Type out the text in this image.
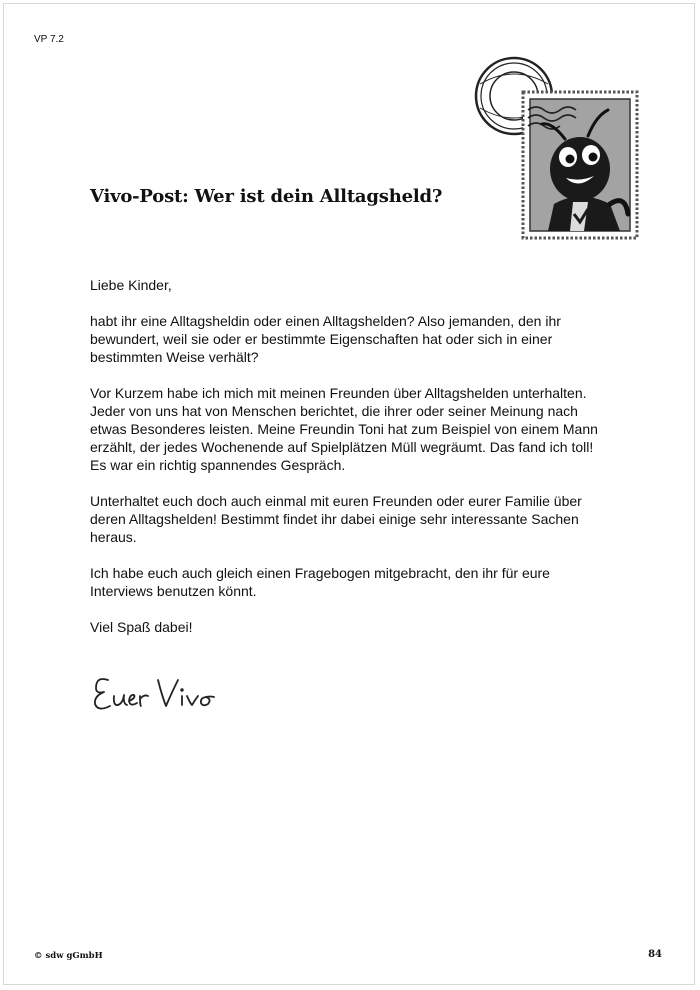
VP 7.2
Vivo-Post: Wer ist dein Alltagsheld?

Liebe Kinder,

habt ihr eine Alltagsheldin oder einen Alltagshelden? Also jemanden, den ihr bewundert, weil sie oder er bestimmte Eigenschaften hat oder sich in einer bestimmten Weise verhält?

Vor Kurzem habe ich mich mit meinen Freunden über Alltagshelden unterhalten. Jeder von uns hat von Menschen berichtet, die ihrer oder seiner Meinung nach etwas Besonderes leisten. Meine Freundin Toni hat zum Beispiel von einem Mann erzählt, der jedes Wochenende auf Spielplätzen Müll wegräumt. Das fand ich toll! Es war ein richtig spannendes Gespräch.

Unterhaltet euch doch auch einmal mit euren Freunden oder eurer Familie über deren Alltagshelden! Bestimmt findet ihr dabei einige sehr interessante Sachen heraus.

Ich habe euch auch gleich einen Fragebogen mitgebracht, den ihr für eure Interviews benutzen könnt.

Viel Spaß dabei!

© sdw gGmbH	84
